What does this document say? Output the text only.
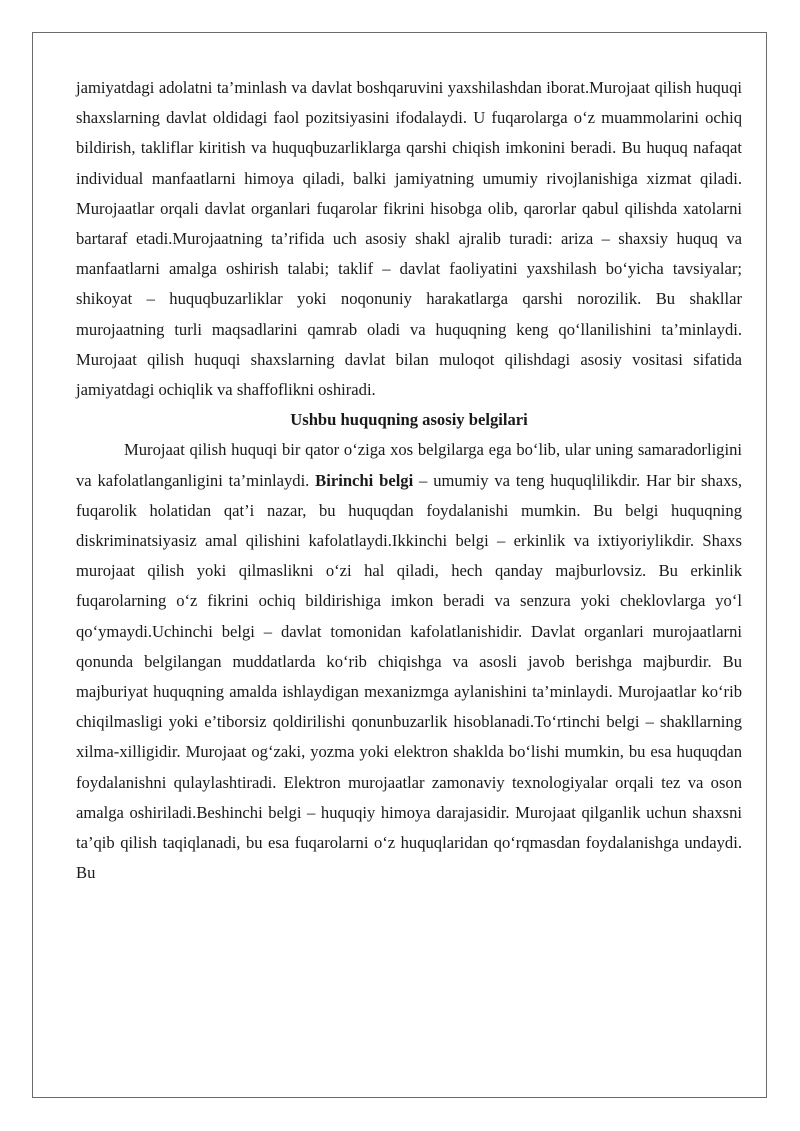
jamiyatdagi adolatni ta’minlash va davlat boshqaruvini yaxshilashdan iborat.Murojaat qilish huquqi shaxslarning davlat oldidagi faol pozitsiyasini ifodalaydi. U fuqarolarga o‘z muammolarini ochiq bildirish, takliflar kiritish va huquqbuzarliklarga qarshi chiqish imkonini beradi. Bu huquq nafaqat individual manfaatlarni himoya qiladi, balki jamiyatning umumiy rivojlanishiga xizmat qiladi. Murojaatlar orqali davlat organlari fuqarolar fikrini hisobga olib, qarorlar qabul qilishda xatolarni bartaraf etadi.Murojaatning ta’rifida uch asosiy shakl ajralib turadi: ariza – shaxsiy huquq va manfaatlarni amalga oshirish talabi; taklif – davlat faoliyatini yaxshilash bo‘yicha tavsiyalar; shikoyat – huquqbuzarliklar yoki noqonuniy harakatlarga qarshi norozilik. Bu shakllar murojaatning turli maqsadlarini qamrab oladi va huquqning keng qo‘llanilishini ta’minlaydi. Murojaat qilish huquqi shaxslarning davlat bilan muloqot qilishdagi asosiy vositasi sifatida jamiyatdagi ochiqlik va shaffoflikni oshiradi.

Ushbu huquqning asosiy belgilari

Murojaat qilish huquqi bir qator o‘ziga xos belgilarga ega bo‘lib, ular uning samaradorligini va kafolatlanganligini ta’minlaydi. Birinchi belgi – umumiy va teng huquqlilikdir. Har bir shaxs, fuqarolik holatidan qat’i nazar, bu huquqdan foydalanishi mumkin. Bu belgi huquqning diskriminatsiyasiz amal qilishini kafolatlaydi.Ikkinchi belgi – erkinlik va ixtiyoriylikdir. Shaxs murojaat qilish yoki qilmaslikni o‘zi hal qiladi, hech qanday majburlovsiz. Bu erkinlik fuqarolarning o‘z fikrini ochiq bildirishiga imkon beradi va senzura yoki cheklovlarga yo‘l qo‘ymaydi.Uchinchi belgi – davlat tomonidan kafolatlanishidir. Davlat organlari murojaatlarni qonunda belgilangan muddatlarda ko‘rib chiqishga va asosli javob berishga majburdir. Bu majburiyat huquqning amalda ishlaydigan mexanizmga aylanishini ta’minlaydi. Murojaatlar ko‘rib chiqilmasligi yoki e’tiborsiz qoldirilishi qonunbuzarlik hisoblanadi.To‘rtinchi belgi – shakllarning xilma-xilligidir. Murojaat og‘zaki, yozma yoki elektron shaklda bo‘lishi mumkin, bu esa huquqdan foydalanishni qulaylashtiradi. Elektron murojaatlar zamonaviy texnologiyalar orqali tez va oson amalga oshiriladi.Beshinchi belgi – huquqiy himoya darajasidir. Murojaat qilganlik uchun shaxsni ta’qib qilish taqiqlanadi, bu esa fuqarolarni o‘z huquqlaridan qo‘rqmasdan foydalanishga undaydi. Bu
